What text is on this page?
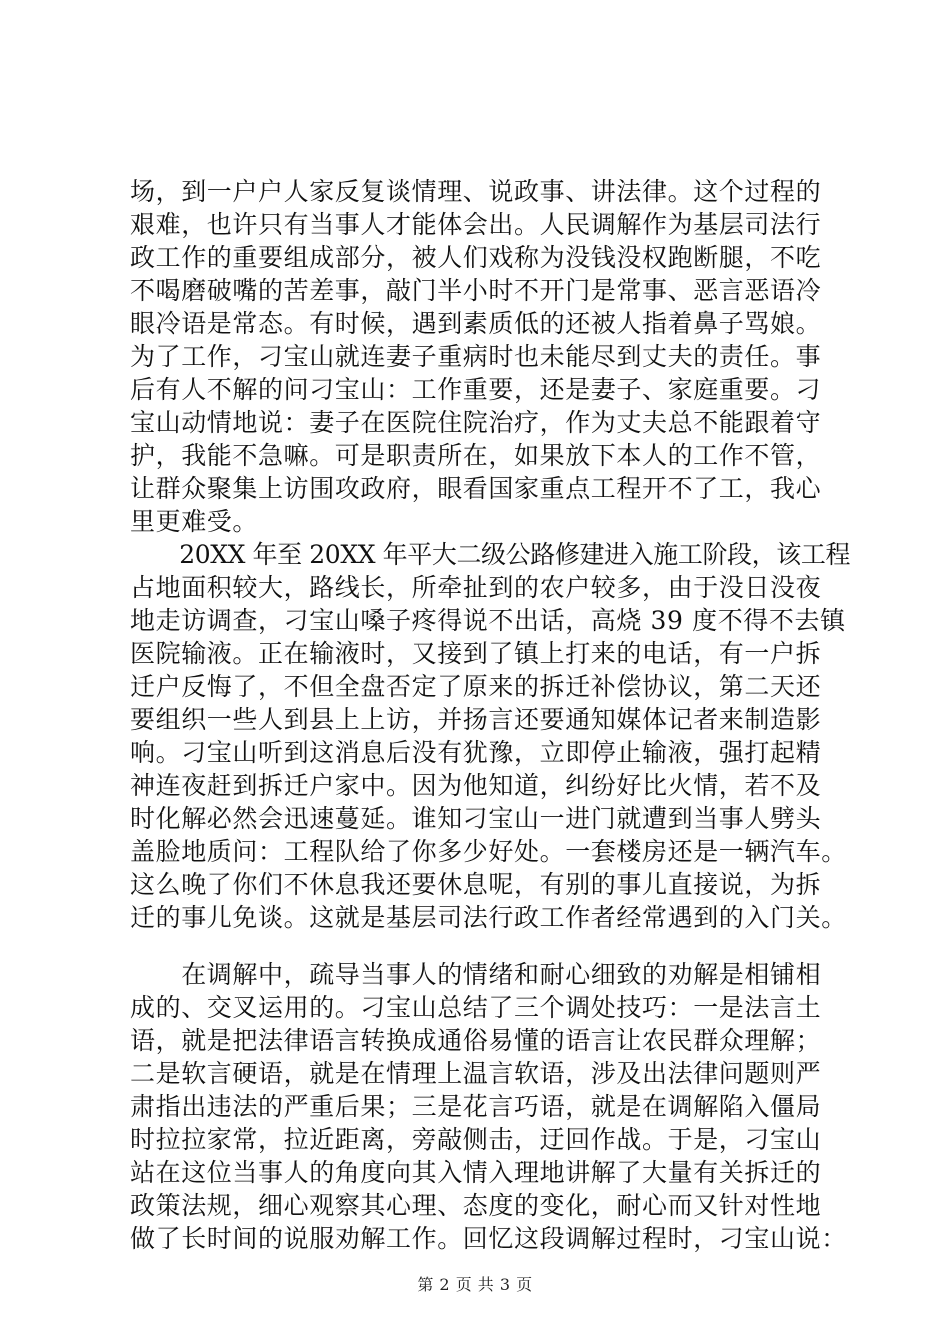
场，到一户户人家反复谈情理、说政事、讲法律。这个过程的
艰难，也许只有当事人才能体会出。人民调解作为基层司法行
政工作的重要组成部分，被人们戏称为没钱没权跑断腿，不吃
不喝磨破嘴的苦差事，敲门半小时不开门是常事、恶言恶语冷
眼冷语是常态。有时候，遇到素质低的还被人指着鼻子骂娘。
为了工作，刁宝山就连妻子重病时也未能尽到丈夫的责任。事
后有人不解的问刁宝山：工作重要，还是妻子、家庭重要。刁
宝山动情地说：妻子在医院住院治疗，作为丈夫总不能跟着守
护，我能不急嘛。可是职责所在，如果放下本人的工作不管，
让群众聚集上访围攻政府，眼看国家重点工程开不了工，我心
里更难受。
　　20XX 年至 20XX 年平大二级公路修建进入施工阶段，该工程
占地面积较大，路线长，所牵扯到的农户较多，由于没日没夜
地走访调查，刁宝山嗓子疼得说不出话，高烧 39 度不得不去镇
医院输液。正在输液时，又接到了镇上打来的电话，有一户拆
迁户反悔了，不但全盘否定了原来的拆迁补偿协议，第二天还
要组织一些人到县上上访，并扬言还要通知媒体记者来制造影
响。刁宝山听到这消息后没有犹豫，立即停止输液，强打起精
神连夜赶到拆迁户家中。因为他知道，纠纷好比火情，若不及
时化解必然会迅速蔓延。谁知刁宝山一进门就遭到当事人劈头
盖脸地质问：工程队给了你多少好处。一套楼房还是一辆汽车。
这么晚了你们不休息我还要休息呢，有别的事儿直接说，为拆
迁的事儿免谈。这就是基层司法行政工作者经常遇到的入门关。
　　在调解中，疏导当事人的情绪和耐心细致的劝解是相铺相
成的、交叉运用的。刁宝山总结了三个调处技巧：一是法言土
语，就是把法律语言转换成通俗易懂的语言让农民群众理解；
二是软言硬语，就是在情理上温言软语，涉及出法律问题则严
肃指出违法的严重后果；三是花言巧语，就是在调解陷入僵局
时拉拉家常，拉近距离，旁敲侧击，迂回作战。于是，刁宝山
站在这位当事人的角度向其入情入理地讲解了大量有关拆迁的
政策法规，细心观察其心理、态度的变化，耐心而又针对性地
做了长时间的说服劝解工作。回忆这段调解过程时，刁宝山说：
第 2 页 共 3 页
